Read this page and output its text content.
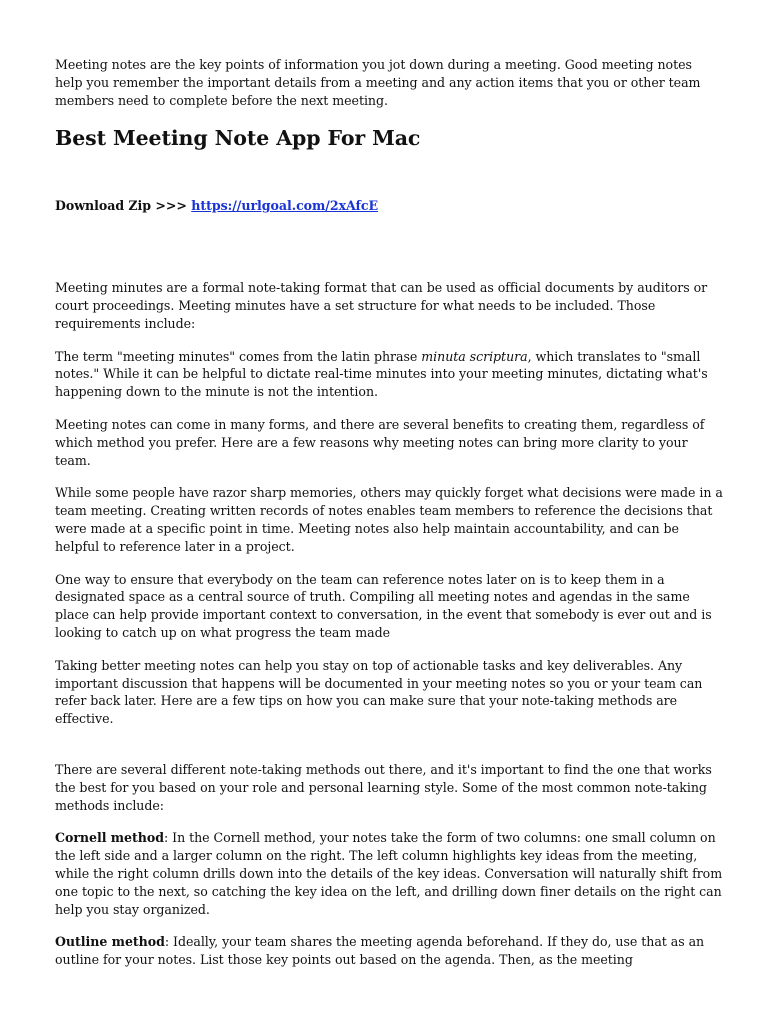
Meeting notes are the key points of information you jot down during a meeting. Good meeting notes help you remember the important details from a meeting and any action items that you or other team members need to complete before the next meeting.

Best Meeting Note App For Mac

Download Zip >>> https://urlgoal.com/2xAfcE

Meeting minutes are a formal note-taking format that can be used as official documents by auditors or court proceedings. Meeting minutes have a set structure for what needs to be included. Those requirements include:

The term "meeting minutes" comes from the latin phrase minuta scriptura, which translates to "small notes." While it can be helpful to dictate real-time minutes into your meeting minutes, dictating what's happening down to the minute is not the intention.

Meeting notes can come in many forms, and there are several benefits to creating them, regardless of which method you prefer. Here are a few reasons why meeting notes can bring more clarity to your team.

While some people have razor sharp memories, others may quickly forget what decisions were made in a team meeting. Creating written records of notes enables team members to reference the decisions that were made at a specific point in time. Meeting notes also help maintain accountability, and can be helpful to reference later in a project.

One way to ensure that everybody on the team can reference notes later on is to keep them in a designated space as a central source of truth. Compiling all meeting notes and agendas in the same place can help provide important context to conversation, in the event that somebody is ever out and is looking to catch up on what progress the team made

Taking better meeting notes can help you stay on top of actionable tasks and key deliverables. Any important discussion that happens will be documented in your meeting notes so you or your team can refer back later. Here are a few tips on how you can make sure that your note-taking methods are effective.

There are several different note-taking methods out there, and it's important to find the one that works the best for you based on your role and personal learning style. Some of the most common note-taking methods include:

Cornell method: In the Cornell method, your notes take the form of two columns: one small column on the left side and a larger column on the right. The left column highlights key ideas from the meeting, while the right column drills down into the details of the key ideas. Conversation will naturally shift from one topic to the next, so catching the key idea on the left, and drilling down finer details on the right can help you stay organized.

Outline method: Ideally, your team shares the meeting agenda beforehand. If they do, use that as an outline for your notes. List those key points out based on the agenda. Then, as the meeting
